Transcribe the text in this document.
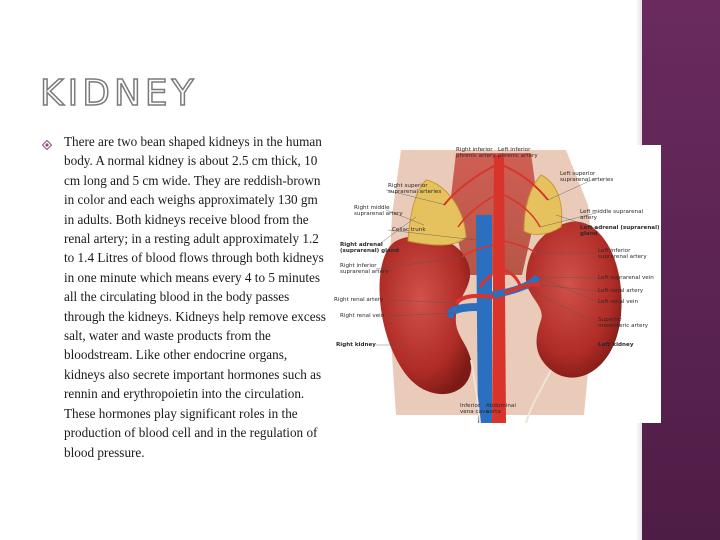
KIDNEY
There are two bean shaped kidneys in the human body. A normal kidney is about 2.5 cm thick, 10 cm long and 5 cm wide. They are reddish-brown in color and each weighs approximately 130 gm in adults. Both kidneys receive blood from the renal artery; in a resting adult approximately 1.2 to 1.4 Litres of blood flows through both kidneys in one minute which means every 4 to 5 minutes all the circulating blood in the body passes through the kidneys. Kidneys help remove excess salt, water and waste products from the bloodstream. Like other endocrine organs, kidneys also secrete important hormones such as rennin and erythropoietin into the circulation. These hormones play significant roles in the production of blood cell and in the regulation of blood pressure.
Right inferior
phrenic artery
Left inferior
phrenic artery
Right superior
suprarenal arteries
Left superior
suprarenal arteries
Right middle
suprarenal artery	Left middle suprarenal artery
Celiac trunk	Left adrenal (suprarenal) gland
Right adrenal
(suprarenal) gland	Left inferior
suprarenal artery
Right inferior
suprarenal artery
Left suprarenal vein
Left renal artery
Right renal artery	Left renal vein
Right renal vein
Superior
mesenteric artery
Right kidney	Left kidney
Inferior
vena cava
Abdominal
aorta
